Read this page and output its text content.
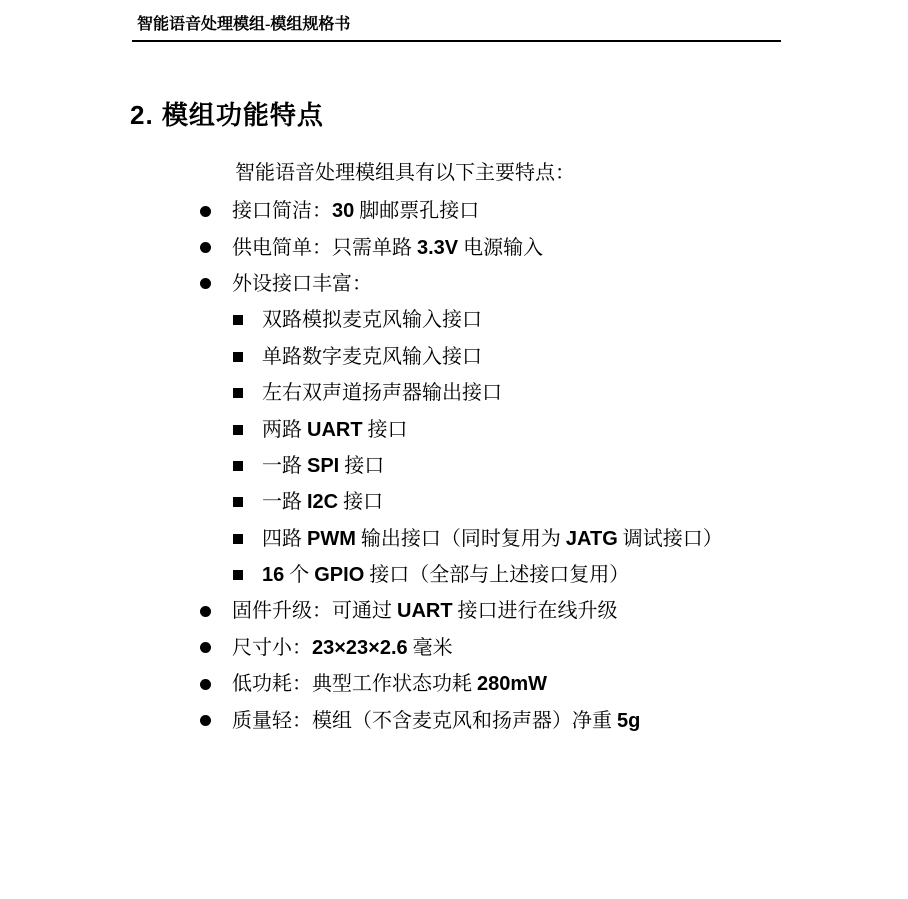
智能语音处理模组-模组规格书
2. 模组功能特点
智能语音处理模组具有以下主要特点：
接口简洁：30 脚邮票孔接口
供电简单：只需单路 3.3V 电源输入
外设接口丰富：
双路模拟麦克风输入接口
单路数字麦克风输入接口
左右双声道扬声器输出接口
两路 UART 接口
一路 SPI 接口
一路 I2C 接口
四路 PWM 输出接口（同时复用为 JATG 调试接口）
16 个 GPIO 接口（全部与上述接口复用）
固件升级：可通过 UART 接口进行在线升级
尺寸小：23×23×2.6 毫米
低功耗：典型工作状态功耗 280mW
质量轻：模组（不含麦克风和扬声器）净重 5g
